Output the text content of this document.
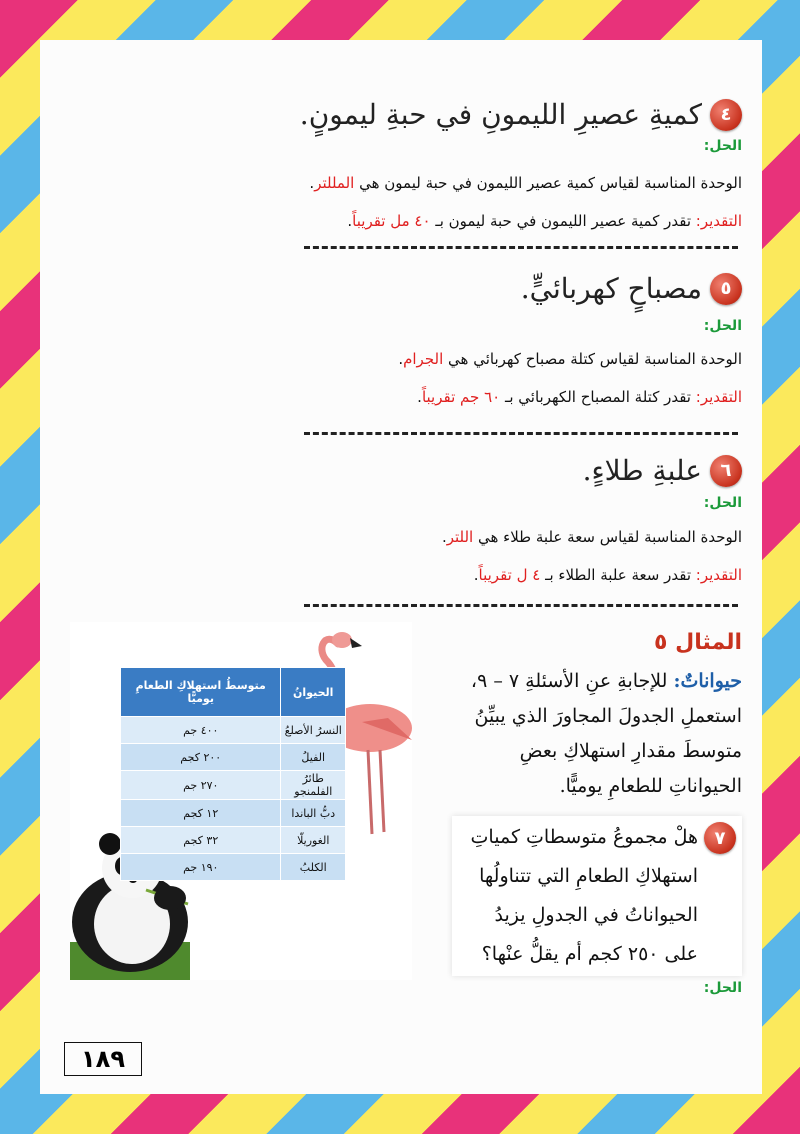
٤
كميةِ عصيرِ الليمونِ في حبةِ ليمونٍ.
الحل:
الوحدة المناسبة لقياس كمية عصير الليمون في حبة ليمون هي المللتر.
التقدير: تقدر كمية عصير الليمون في حبة ليمون بـ ٤٠ مل تقريباً.
٥
مصباحٍ كهربائيٍّ.
الحل:
الوحدة المناسبة لقياس كتلة مصباح كهربائي هي الجرام.
التقدير: تقدر كتلة المصباح الكهربائي بـ ٦٠ جم تقريباً.
٦
علبةِ طلاءٍ.
الحل:
الوحدة المناسبة لقياس سعة علبة طلاء هي اللتر.
التقدير: تقدر سعة علبة الطلاء بـ ٤ ل تقريباً.
المثال ٥
حيواناتٌ: للإجابةِ عنِ الأسئلةِ ٧ – ٩، استعملِ الجدولَ المجاورَ الذي يبيِّنُ متوسطَ مقدارِ استهلاكِ بعضِ الحيواناتِ للطعامِ يوميًّا.
الحيوانُ	متوسطُ استهلاكِ الطعامِ يوميًّا
النسرُ الأصلعُ	٤٠٠ جم
الفيلُ	٢٠٠ كجم
طائرُ الفلمنجو	٢٧٠ جم
دبُّ الباندا	١٢ كجم
الغوريلّا	٣٢ كجم
الكلبُ	١٩٠ جم
٧
هلْ مجموعُ متوسطاتِ كمياتِ استهلاكِ الطعامِ التي تتناولُها الحيواناتُ في الجدولِ يزيدُ على ٢٥٠ كجم أم يقلُّ عنْها؟
الحل:
١٨٩
